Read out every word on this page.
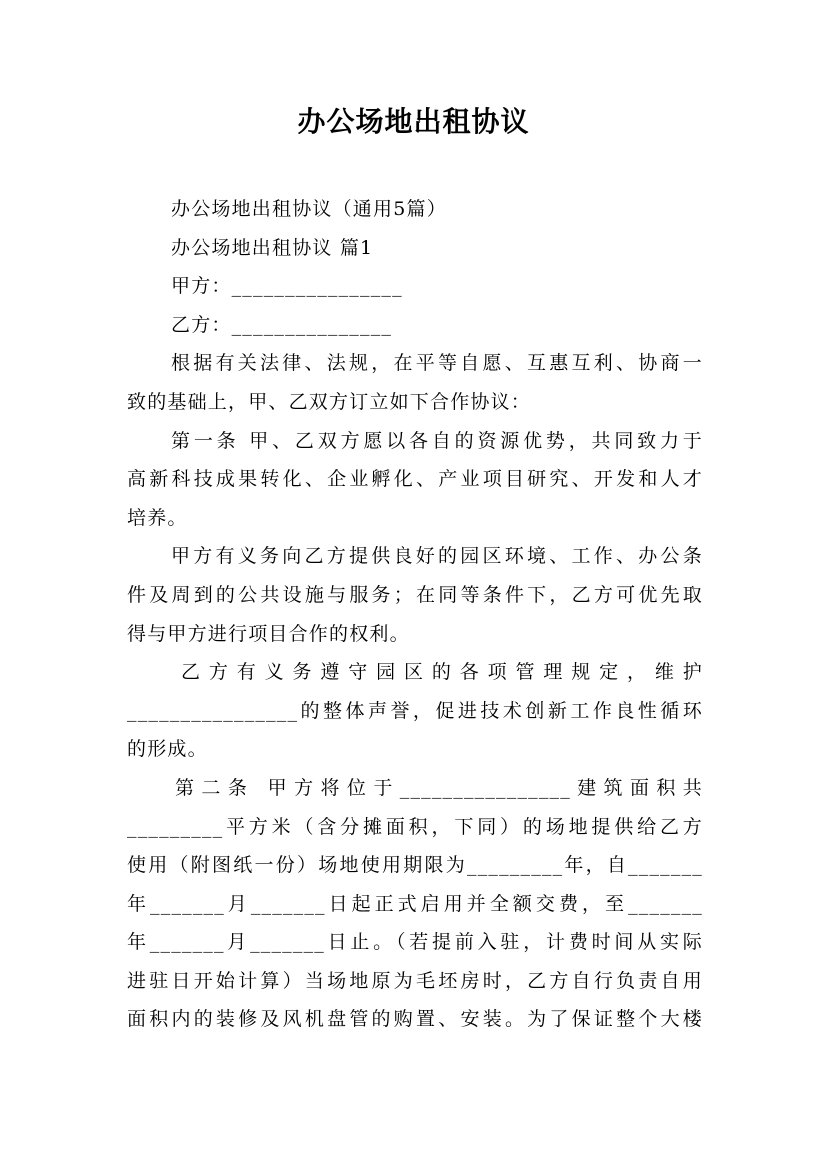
办公场地出租协议
办公场地出租协议（通用5篇）
办公场地出租协议 篇1
甲方：________________
乙方：_______________
根据有关法律、法规，在平等自愿、互惠互利、协商一
致的基础上，甲、乙双方订立如下合作协议：
第一条 甲、乙双方愿以各自的资源优势，共同致力于
高新科技成果转化、企业孵化、产业项目研究、开发和人才
培养。
甲方有义务向乙方提供良好的园区环境、工作、办公条
件及周到的公共设施与服务；在同等条件下，乙方可优先取
得与甲方进行项目合作的权利。
乙方有义务遵守园区的各项管理规定，维护
________________的整体声誉，促进技术创新工作良性循环
的形成。
第二条 甲方将位于________________建筑面积共
_________平方米（含分摊面积，下同）的场地提供给乙方
使用（附图纸一份）场地使用期限为_________年，自_______
年_______月_______日起正式启用并全额交费，至_______
年_______月_______日止。（若提前入驻，计费时间从实际
进驻日开始计算）当场地原为毛坯房时，乙方自行负责自用
面积内的装修及风机盘管的购置、安装。为了保证整个大楼
